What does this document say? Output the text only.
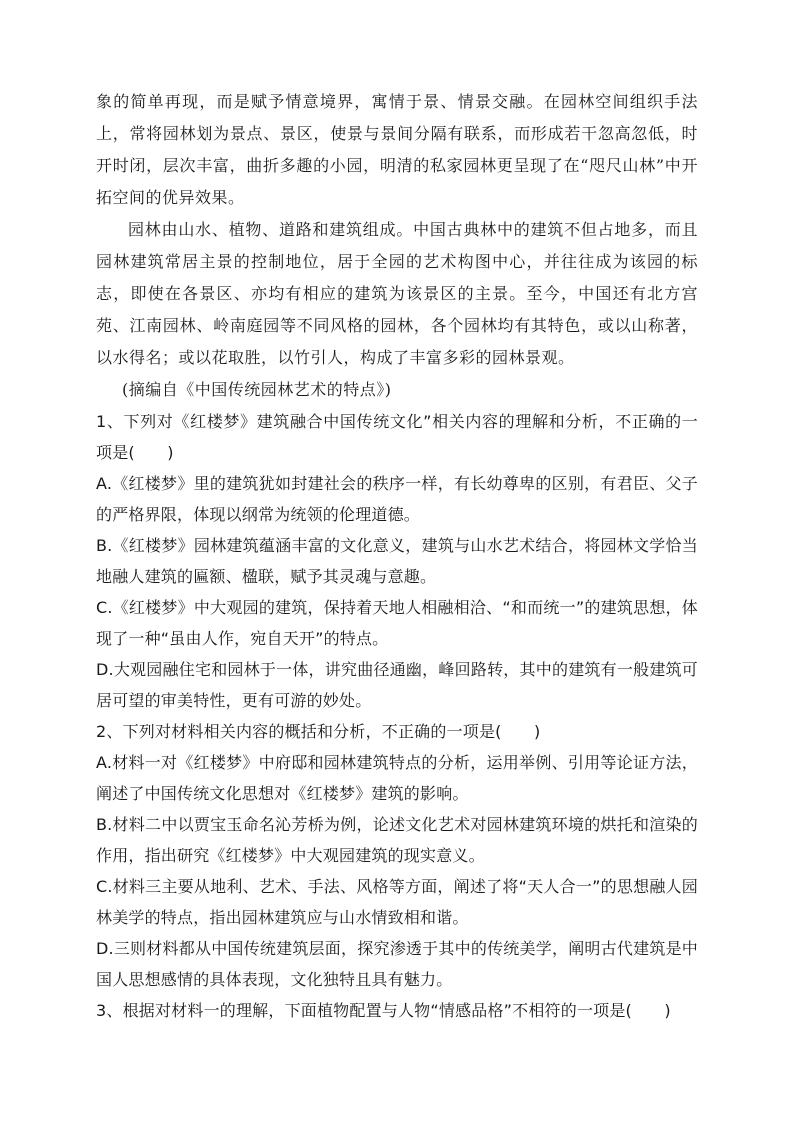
象的简单再现，而是赋予情意境界，寓情于景、情景交融。在园林空间组织手法上，常将园林划为景点、景区，使景与景间分隔有联系，而形成若干忽高忽低，时开时闭，层次丰富，曲折多趣的小园，明清的私家园林更呈现了在“咫尺山林”中开拓空间的优异效果。

园林由山水、植物、道路和建筑组成。中国古典林中的建筑不但占地多，而且园林建筑常居主景的控制地位，居于全园的艺术构图中心，并往往成为该园的标志，即使在各景区、亦均有相应的建筑为该景区的主景。至今，中国还有北方宫苑、江南园林、岭南庭园等不同风格的园林，各个园林均有其特色，或以山称著，以水得名；或以花取胜，以竹引人，构成了丰富多彩的园林景观。

(摘编自《中国传统园林艺术的特点》)

1、下列对《红楼梦》建筑融合中国传统文化”相关内容的理解和分析，不正确的一项是(　　)

A.《红楼梦》里的建筑犹如封建社会的秩序一样，有长幼尊卑的区别，有君臣、父子的严格界限，体现以纲常为统领的伦理道德。

B.《红楼梦》园林建筑蕴涵丰富的文化意义，建筑与山水艺术结合，将园林文学恰当地融人建筑的匾额、楹联，赋予其灵魂与意趣。

C.《红楼梦》中大观园的建筑，保持着天地人相融相洽、“和而统一”的建筑思想，体现了一种“虽由人作，宛自天开”的特点。

D.大观园融住宅和园林于一体，讲究曲径通幽，峰回路转，其中的建筑有一般建筑可居可望的审美特性，更有可游的妙处。

2、下列对材料相关内容的概括和分析，不正确的一项是(　　)

A.材料一对《红楼梦》中府邸和园林建筑特点的分析，运用举例、引用等论证方法，阐述了中国传统文化思想对《红楼梦》建筑的影响。

B.材料二中以贾宝玉命名沁芳桥为例，论述文化艺术对园林建筑环境的烘托和渲染的作用，指出研究《红楼梦》中大观园建筑的现实意义。

C.材料三主要从地利、艺术、手法、风格等方面，阐述了将“天人合一”的思想融人园林美学的特点，指出园林建筑应与山水情致相和谐。

D.三则材料都从中国传统建筑层面，探究渗透于其中的传统美学，阐明古代建筑是中国人思想感情的具体表现，文化独特且具有魅力。

3、根据对材料一的理解，下面植物配置与人物“情感品格”不相符的一项是(　　)
